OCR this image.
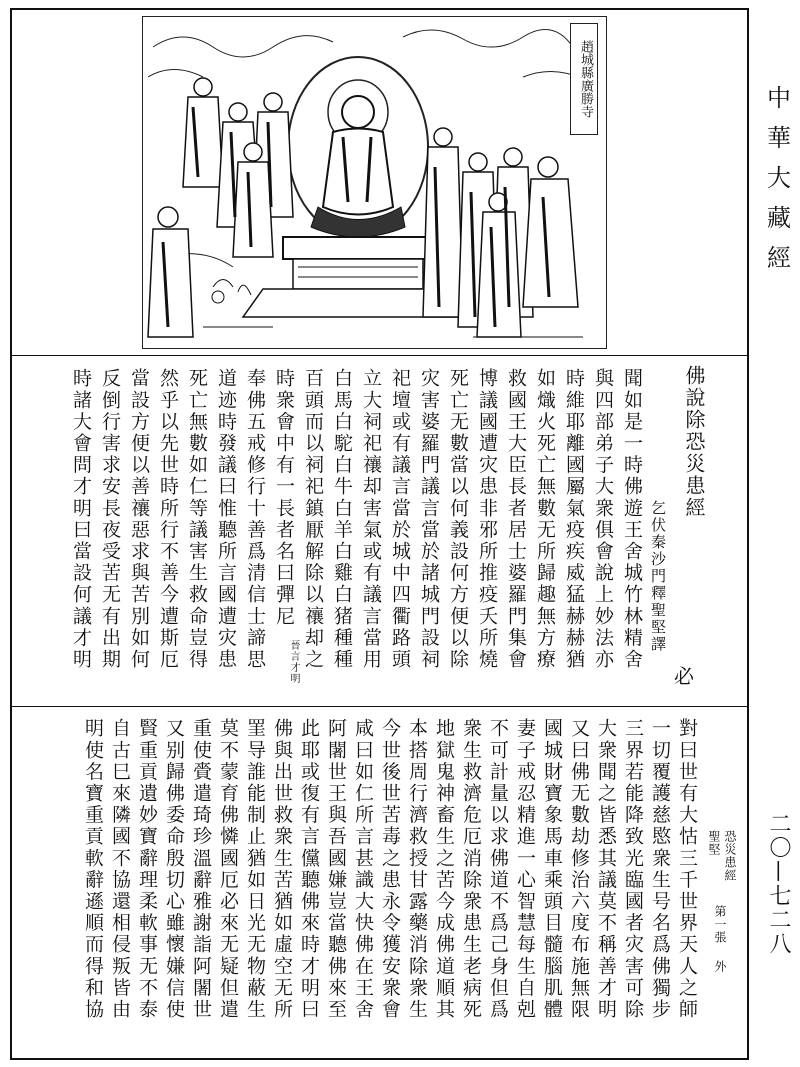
趙城縣廣勝寺	中
華
大
藏
經
二〇—七二八
佛說除恐災患經
乞伏秦沙門釋聖堅譯
必
聞如是一時佛遊王舍城竹林精舍
與四部弟子大衆俱會說上妙法亦
時維耶離國屬氣疫疾威猛赫赫猶
如熾火死亡無數无所歸趣無方療
救國王大臣長者居士婆羅門集會
博議國遭灾患非邪所推疫夭所燒
死亡无數當以何義設何方便以除
灾害婆羅門議言當於諸城門設祠
祀壇或有議言當於城中四衢路頭
立大祠祀禳却害氣或有議言當用
白馬白駝白牛白羊白雞白猪種種
百頭而以祠祀鎮厭解除以禳却之
時衆會中有一長者名曰彈尼
晉言才明
奉佛五戒修行十善爲清信士諦思
道迹時發議曰惟聽所言國遭灾患
死亡無數如仁等議害生救命豈得
然乎以先世時所行不善今遭斯厄
當設方便以善禳惡求與苦別如何
反倒行害求安長夜受苦无有出期
時諸大會問才明曰當設何議才明
對曰世有大怙三千世界天人之師
一切覆護慈愍衆生号名爲佛獨步
三界若能降致光臨國者灾害可除
大衆聞之皆悉其議莫不稱善才明
又曰佛无數劫修治六度布施無限
國城財寶象馬車乘頭目髓腦肌體
妻子戒忍精進一心智慧每生自剋
不可計量以求佛道不爲己身但爲
衆生救濟危厄消除衆患生老病死
地獄鬼神畜生之苦今成佛道順其
本搭周行濟救授甘露藥消除衆生
今世後世苦毒之患永令獲安衆會
咸曰如仁所言甚識大快佛在王舍
阿闍世王與吾國嫌豈當聽佛來至
此耶或復有言儻聽佛來時才明曰
佛與出世救衆生苦猶如虛空无所
罣导誰能制止猶如日光无物蔽生
莫不蒙育佛憐國厄必來无疑但遣
重使賫遣琦珍溫辭雅謝詣阿闍世
又别歸佛委命殷切心雖懷嫌信使
賢重貢遺妙寶辭理柔軟事无不泰
自古巳來隣國不協還相侵叛皆由
明使名寶重貢軟辭遜順而得和協	聖堅 恐災患經
第一張
外
